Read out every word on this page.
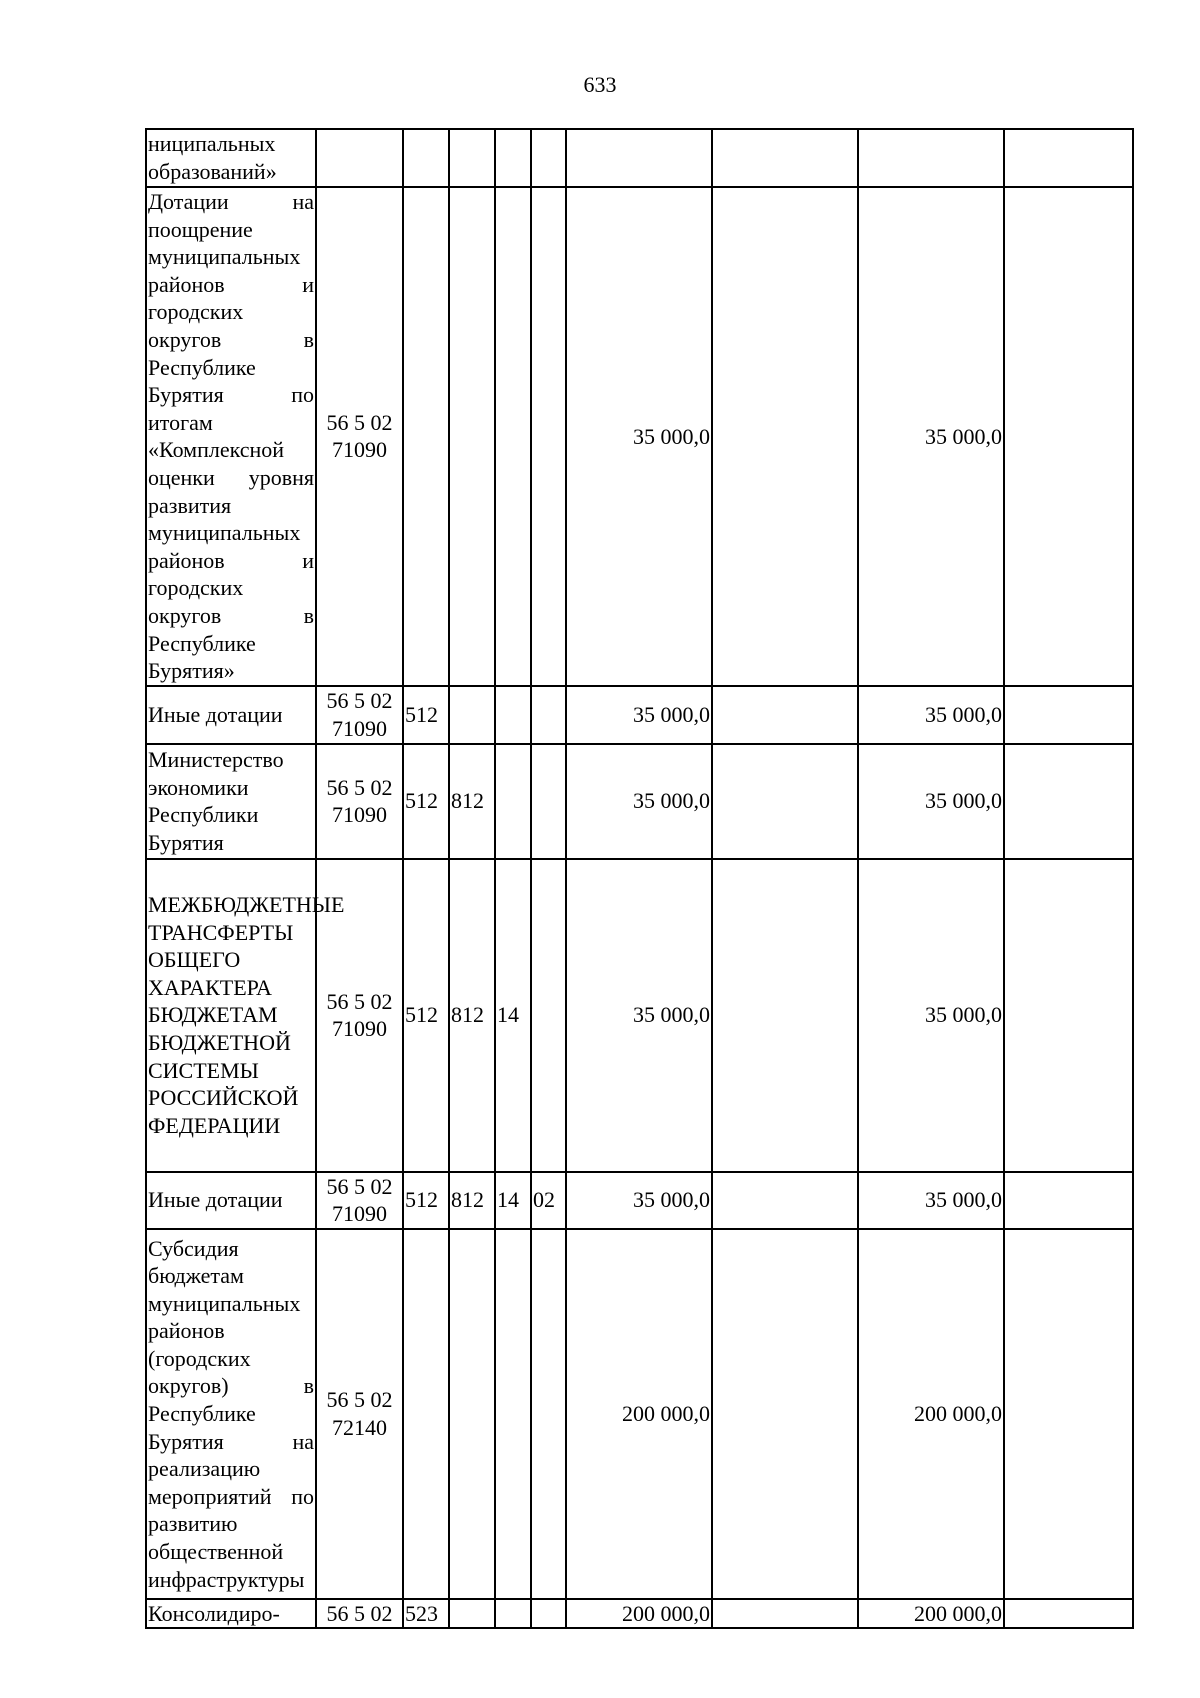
633
ниципальных образований»									
Дотации на поощрение муниципальных районов и городских округов в Республике Бурятия по итогам «Комплексной оценки уровня развития муниципальных районов и городских округов в Республике Бурятия»	56 5 02 71090					35 000,0		35 000,0	
Иные дотации	56 5 02 71090	512				35 000,0		35 000,0	
Министерство экономики Республики Бурятия	56 5 02 71090	512	812			35 000,0		35 000,0	
МЕЖБЮДЖЕТНЫЕ ТРАНСФЕРТЫ ОБЩЕГО ХАРАКТЕРА БЮДЖЕТАМ БЮДЖЕТНОЙ СИСТЕМЫ РОССИЙСКОЙ ФЕДЕРАЦИИ	56 5 02 71090	512	812	14		35 000,0		35 000,0	
Иные дотации	56 5 02 71090	512	812	14	02	35 000,0		35 000,0	
Субсидия бюджетам муниципальных районов (городских округов) в Республике Бурятия на реализацию мероприятий по развитию общественной инфраструктуры	56 5 02 72140					200 000,0		200 000,0	
Консолидиро-	56 5 02	523				200 000,0		200 000,0	
